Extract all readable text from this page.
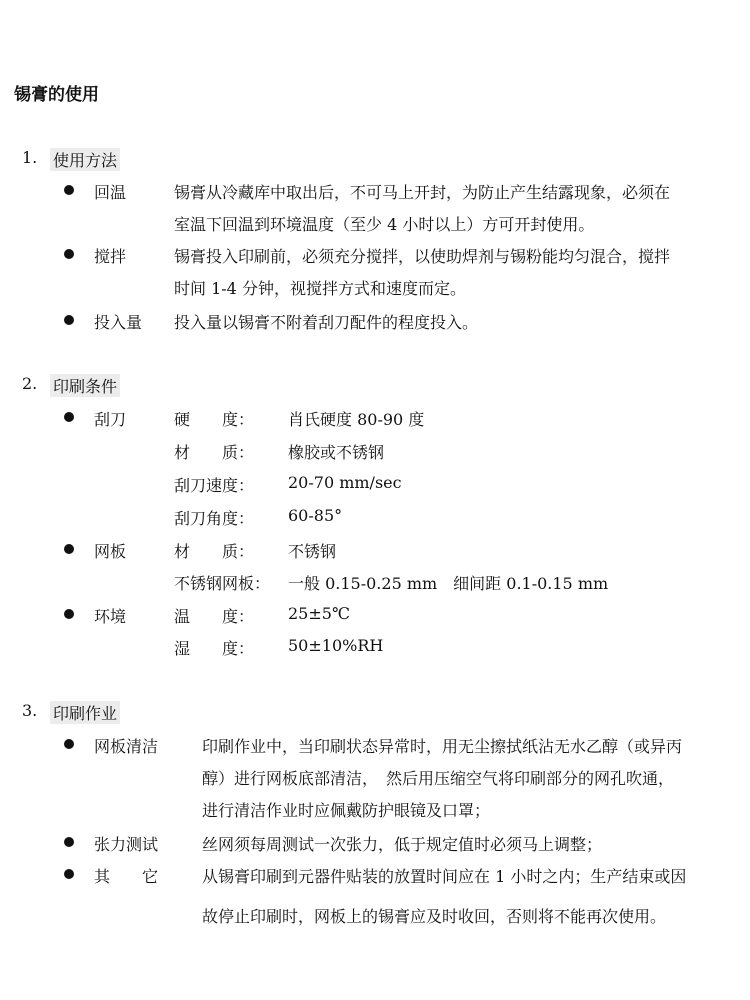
锡膏的使用
1. 使用方法
回温	锡膏从冷藏库中取出后，不可马上开封，为防止产生结露现象，必须在
室温下回温到环境温度（至少 4 小时以上）方可开封使用。
搅拌	锡膏投入印刷前，必须充分搅拌，以使助焊剂与锡粉能均匀混合，搅拌
时间 1-4 分钟，视搅拌方式和速度而定。
投入量 投入量以锡膏不附着刮刀配件的程度投入。
2. 印刷条件
刮刀	硬　　度： 肖氏硬度 80-90 度
材　　质： 橡胶或不锈钢
刮刀速度： 20-70 mm/sec
刮刀角度： 60-85°
网板	材　　质： 不锈钢
不锈钢网板： 一般 0.15-0.25 mm　细间距 0.1-0.15 mm
环境	温　　度： 25±5℃
湿　　度： 50±10%RH
3. 印刷作业
网板清洁	印刷作业中，当印刷状态异常时，用无尘擦拭纸沾无水乙醇（或异丙
醇）进行网板底部清洁，　然后用压缩空气将印刷部分的网孔吹通，
进行清洁作业时应佩戴防护眼镜及口罩；
张力测试	丝网须每周测试一次张力，低于规定值时必须马上调整；
其　　它	从锡膏印刷到元器件贴装的放置时间应在 1 小时之内；生产结束或因
故停止印刷时，网板上的锡膏应及时收回，否则将不能再次使用。
